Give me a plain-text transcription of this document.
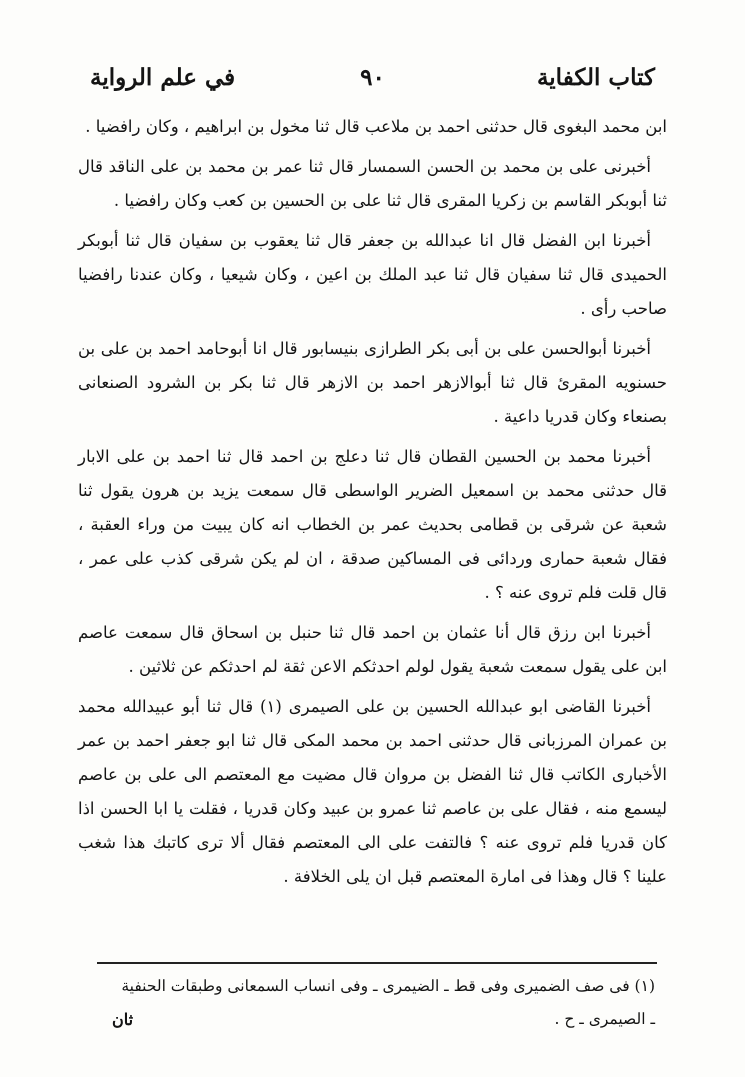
كتاب الكفاية
٩٠
في علم الرواية

ابن محمد البغوى قال حدثنى احمد بن ملاعب قال ثنا مخول بن ابراهيم ، وكان رافضيا .

أخبرنى على بن محمد بن الحسن السمسار قال ثنا عمر بن محمد بن على الناقد قال ثنا أبوبكر القاسم بن زكريا المقرى قال ثنا على بن الحسين بن كعب وكان رافضيا .

أخبرنا ابن الفضل قال انا عبدالله بن جعفر قال ثنا يعقوب بن سفيان قال ثنا أبوبكر الحميدى قال ثنا سفيان قال ثنا عبد الملك بن اعين ، وكان شيعيا ، وكان عندنا رافضيا صاحب رأى .

أخبرنا أبوالحسن على بن أبى بكر الطرازى بنيسابور قال انا أبوحامد احمد بن على بن حسنويه المقرئ قال ثنا أبوالازهر احمد بن الازهر قال ثنا بكر بن الشرود الصنعانى بصنعاء وكان قدريا داعية .

أخبرنا محمد بن الحسين القطان قال ثنا دعلج بن احمد قال ثنا احمد بن على الابار قال حدثنى محمد بن اسمعيل الضرير الواسطى قال سمعت يزيد بن هرون يقول ثنا شعبة عن شرقى بن قطامى بحديث عمر بن الخطاب انه كان يبيت من وراء العقبة ، فقال شعبة حمارى وردائى فى المساكين صدقة ، ان لم يكن شرقى كذب على عمر ، قال قلت فلم تروى عنه ؟ .

أخبرنا ابن رزق قال أنا عثمان بن احمد قال ثنا حنبل بن اسحاق قال سمعت عاصم ابن على يقول سمعت شعبة يقول لولم احدثكم الاعن ثقة لم احدثكم عن ثلاثين .

أخبرنا القاضى ابو عبدالله الحسين بن على الصيمرى (١) قال ثنا أبو عبيدالله محمد بن عمران المرزبانى قال حدثنى احمد بن محمد المكى قال ثنا ابو جعفر احمد بن عمر الأخبارى الكاتب قال ثنا الفضل بن مروان قال مضيت مع المعتصم الى على بن عاصم ليسمع منه ، فقال على بن عاصم ثنا عمرو بن عبيد وكان قدريا ، فقلت يا ابا الحسن اذا كان قدريا فلم تروى عنه ؟ فالتفت على الى المعتصم فقال ألا ترى كاتبك هذا شغب علينا ؟ قال وهذا فى امارة المعتصم قبل ان يلى الخلافة .

(١) فى صف الضميرى وفى قط ـ الضيمرى ـ وفى انساب السمعانى وطبقات الحنفية ـ الصيمرى ـ ح .
ثان
